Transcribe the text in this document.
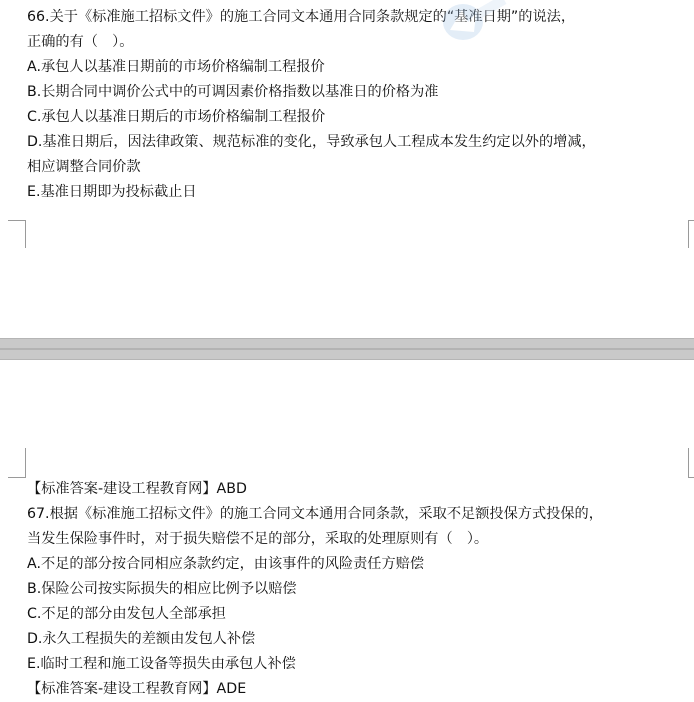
66.关于《标准施工招标文件》的施工合同文本通用合同条款规定的“基准日期”的说法，
正确的有（　）。
A.承包人以基准日期前的市场价格编制工程报价
B.长期合同中调价公式中的可调因素价格指数以基准日的价格为准
C.承包人以基准日期后的市场价格编制工程报价
D.基准日期后，因法律政策、规范标准的变化，导致承包人工程成本发生约定以外的增减，
相应调整合同价款
E.基准日期即为投标截止日
【标准答案-建设工程教育网】ABD
67.根据《标准施工招标文件》的施工合同文本通用合同条款，采取不足额投保方式投保的，
当发生保险事件时，对于损失赔偿不足的部分，采取的处理原则有（　）。
A.不足的部分按合同相应条款约定，由该事件的风险责任方赔偿
B.保险公司按实际损失的相应比例予以赔偿
C.不足的部分由发包人全部承担
D.永久工程损失的差额由发包人补偿
E.临时工程和施工设备等损失由承包人补偿
【标准答案-建设工程教育网】ADE
